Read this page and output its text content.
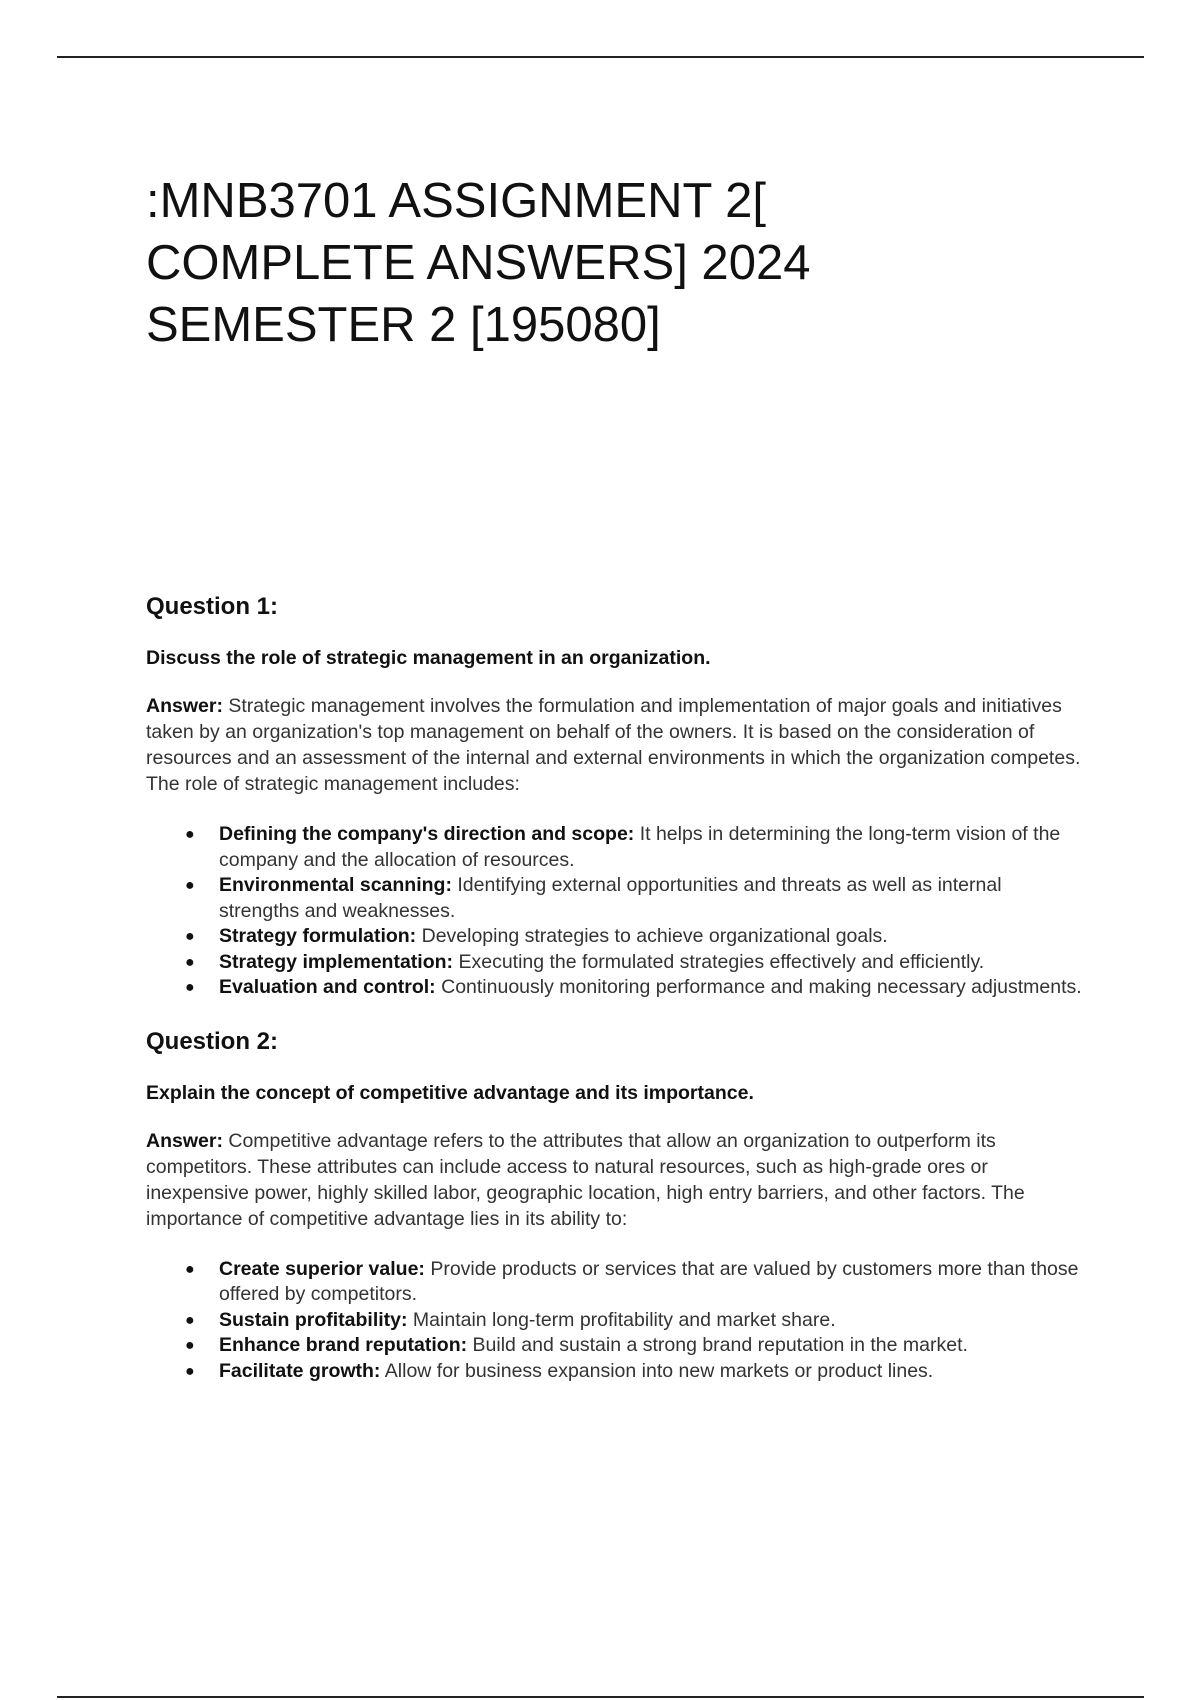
:MNB3701 ASSIGNMENT 2[ COMPLETE ANSWERS] 2024 SEMESTER 2 [195080]
Question 1:

Discuss the role of strategic management in an organization.

Answer: Strategic management involves the formulation and implementation of major goals and initiatives taken by an organization's top management on behalf of the owners. It is based on the consideration of resources and an assessment of the internal and external environments in which the organization competes. The role of strategic management includes:

● Defining the company's direction and scope: It helps in determining the long-term vision of the company and the allocation of resources.
● Environmental scanning: Identifying external opportunities and threats as well as internal strengths and weaknesses.
● Strategy formulation: Developing strategies to achieve organizational goals.
● Strategy implementation: Executing the formulated strategies effectively and efficiently.
● Evaluation and control: Continuously monitoring performance and making necessary adjustments.
Question 2:

Explain the concept of competitive advantage and its importance.

Answer: Competitive advantage refers to the attributes that allow an organization to outperform its competitors. These attributes can include access to natural resources, such as high-grade ores or inexpensive power, highly skilled labor, geographic location, high entry barriers, and other factors. The importance of competitive advantage lies in its ability to:

● Create superior value: Provide products or services that are valued by customers more than those offered by competitors.
● Sustain profitability: Maintain long-term profitability and market share.
● Enhance brand reputation: Build and sustain a strong brand reputation in the market.
● Facilitate growth: Allow for business expansion into new markets or product lines.
